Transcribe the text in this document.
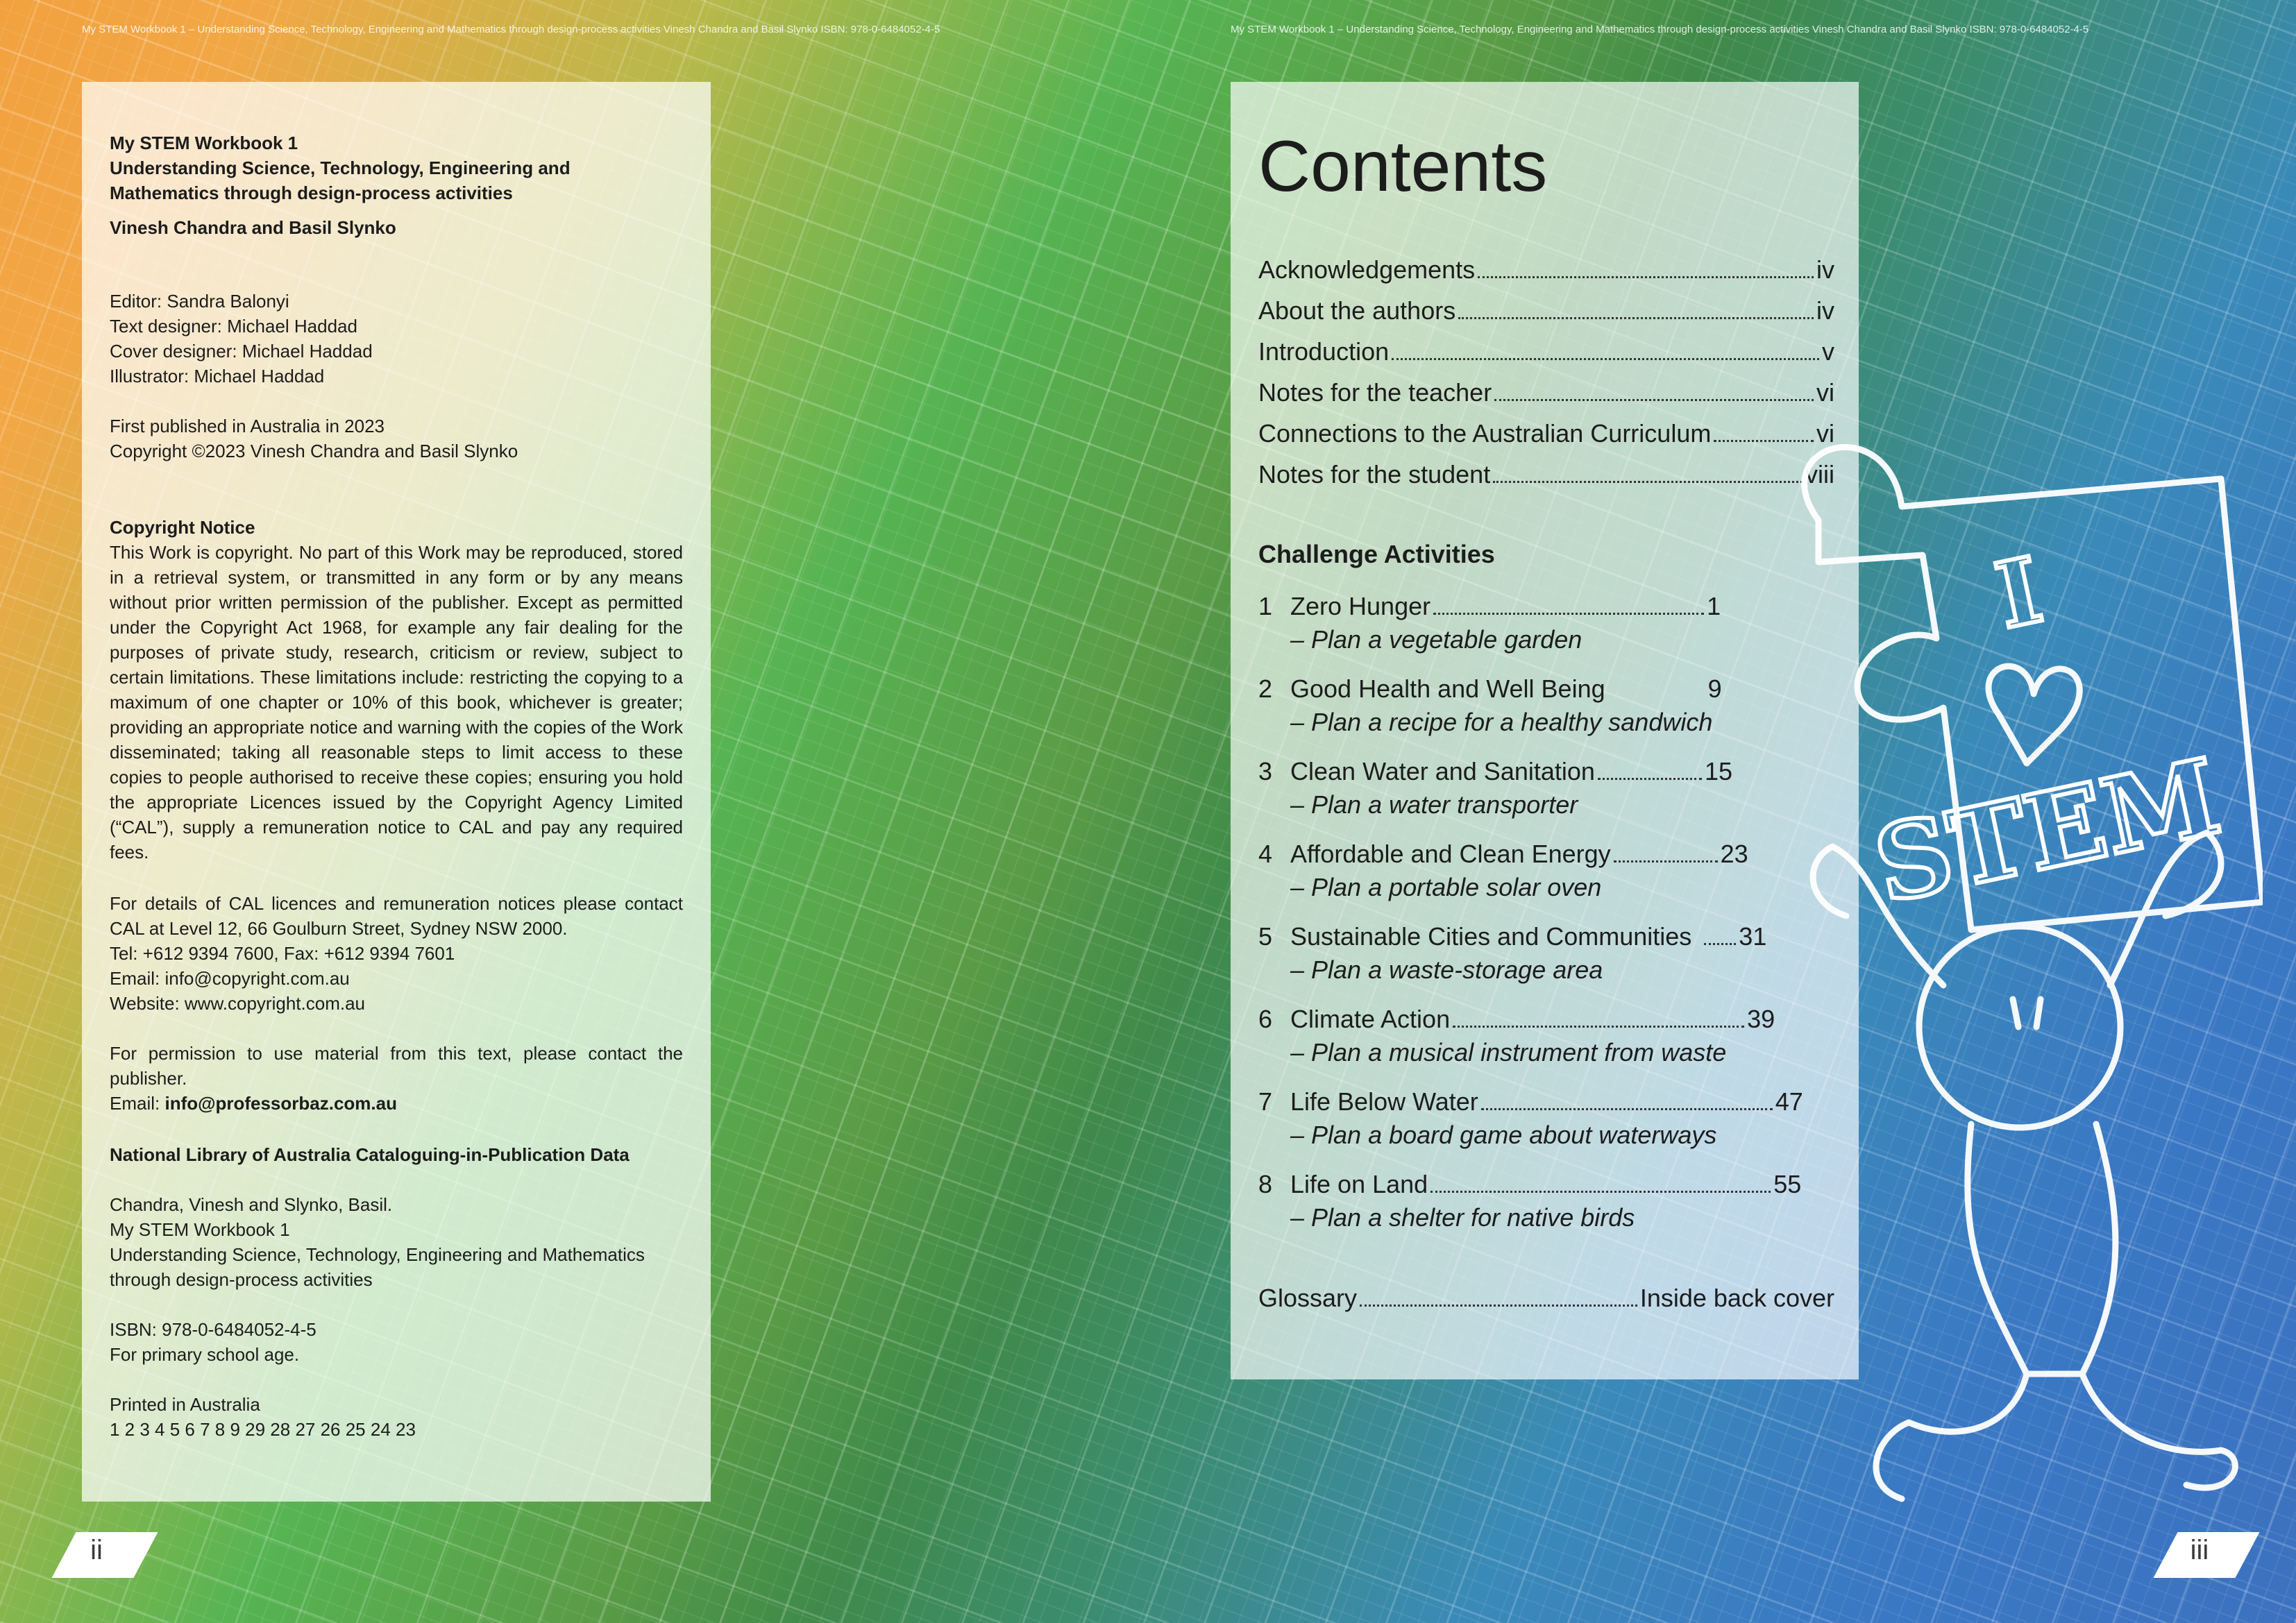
My STEM Workbook 1 – Understanding Science, Technology, Engineering and Mathematics through design-process activities Vinesh Chandra and Basil Slynko ISBN: 978-0-6484052-4-5	My STEM Workbook 1 – Understanding Science, Technology, Engineering and Mathematics through design-process activities Vinesh Chandra and Basil Slynko ISBN: 978-0-6484052-4-5
My STEM Workbook 1
Understanding Science, Technology, Engineering and
Mathematics through design-process activities
Vinesh Chandra and Basil Slynko
Editor: Sandra Balonyi
Text designer: Michael Haddad
Cover designer: Michael Haddad
Illustrator: Michael Haddad
First published in Australia in 2023
Copyright ©2023 Vinesh Chandra and Basil Slynko
Copyright Notice
This Work is copyright. No part of this Work may be reproduced, stored in a retrieval system, or transmitted in any form or by any means without prior written permission of the publisher. Except as permitted under the Copyright Act 1968, for example any fair dealing for the purposes of private study, research, criticism or review, subject to certain limitations. These limitations include: restricting the copying to a maximum of one chapter or 10% of this book, whichever is greater; providing an appropriate notice and warning with the copies of the Work disseminated; taking all reasonable steps to limit access to these copies to people authorised to receive these copies; ensuring you hold the appropriate Licences issued by the Copyright Agency Limited (“CAL”), supply a remuneration notice to CAL and pay any required fees.
For details of CAL licences and remuneration notices please contact CAL at Level 12, 66 Goulburn Street, Sydney NSW 2000.
Tel: +612 9394 7600, Fax: +612 9394 7601
Email: info@copyright.com.au
Website: www.copyright.com.au
For permission to use material from this text, please contact the publisher.
Email: info@professorbaz.com.au
National Library of Australia Cataloguing-in-Publication Data
Chandra, Vinesh and Slynko, Basil.
My STEM Workbook 1
Understanding Science, Technology, Engineering and Mathematics
through design-process activities
ISBN: 978-0-6484052-4-5
For primary school age.
Printed in Australia
1 2 3 4 5 6 7 8 9 29 28 27 26 25 24 23
Contents
Acknowledgements	iv
About the authors	iv
Introduction	v
Notes for the teacher	vi
Connections to the Australian Curriculum	vi
Notes for the student	viii
Challenge Activities
1 Zero Hunger	1
– Plan a vegetable garden
2 Good Health and Well Being	9
– Plan a recipe for a healthy sandwich
3 Clean Water and Sanitation	15
– Plan a water transporter
4 Affordable and Clean Energy	23
– Plan a portable solar oven
5 Sustainable Cities and Communities 31
– Plan a waste-storage area
6 Climate Action	39
– Plan a musical instrument from waste
7 Life Below Water	47
– Plan a board game about waterways
8 Life on Land	55
– Plan a shelter for native birds
Glossary	Inside back cover
I
STEM
ii	iii
